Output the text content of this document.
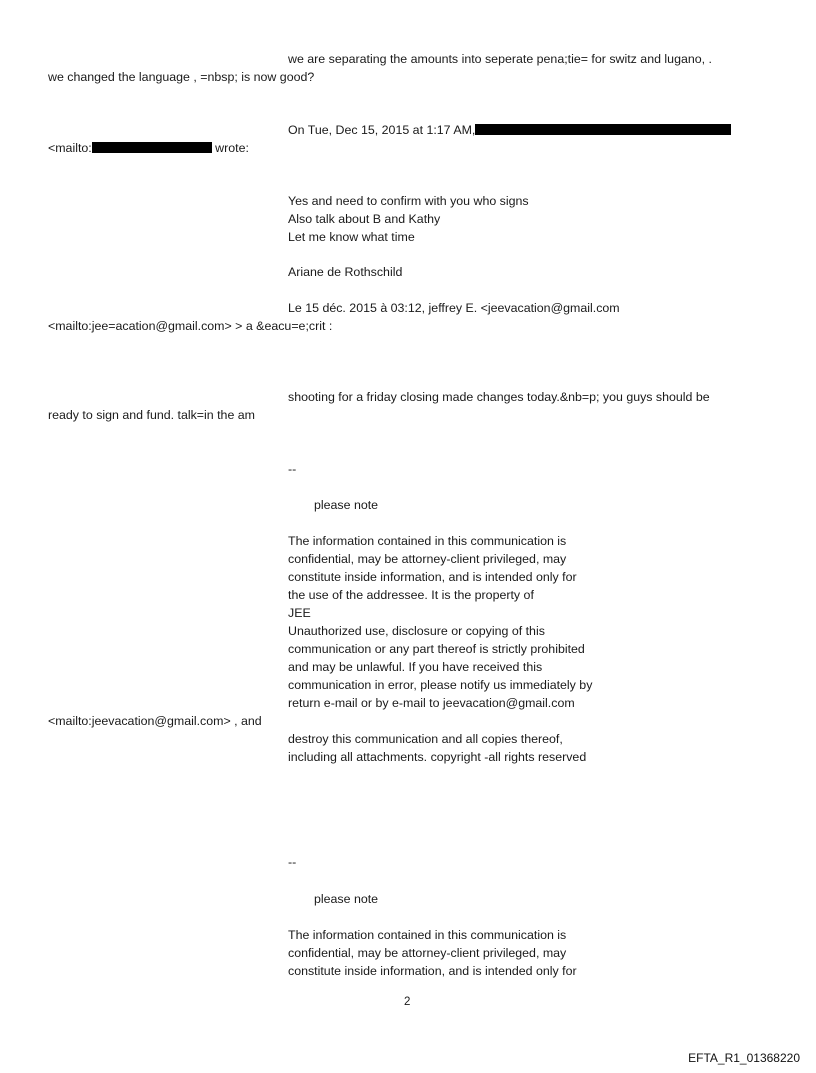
we are separating the amounts into seperate pena;tie= for switz and lugano, .

we changed the language , =nbsp; is now good?

On Tue, Dec 15, 2015 at 1:17 AM,

<mailto:	wrote:

Yes and need to confirm with you who signs
Also talk about B and Kathy
Let me know what time

Ariane de Rothschild

Le 15 déc. 2015 à 03:12, jeffrey E. <jeevacation@gmail.com

<mailto:jee=acation@gmail.com> > a &eacu=e;crit :

shooting for a friday closing made changes today.&nb=p; you guys should be

ready to sign and fund. talk=in the am

--

please note

The information contained in this communication is
confidential, may be attorney-client privileged, may
constitute inside information, and is intended only for
the use of the addressee. It is the property of
JEE
Unauthorized use, disclosure or copying of this
communication or any part thereof is strictly prohibited
and may be unlawful. If you have received this
communication in error, please notify us immediately by
return e-mail or by e-mail to jeevacation@gmail.com

<mailto:jeevacation@gmail.com> , and

destroy this communication and all copies thereof,
including all attachments. copyright -all rights reserved

--

please note

The information contained in this communication is
confidential, may be attorney-client privileged, may
constitute inside information, and is intended only for

2

EFTA_R1_01368220
